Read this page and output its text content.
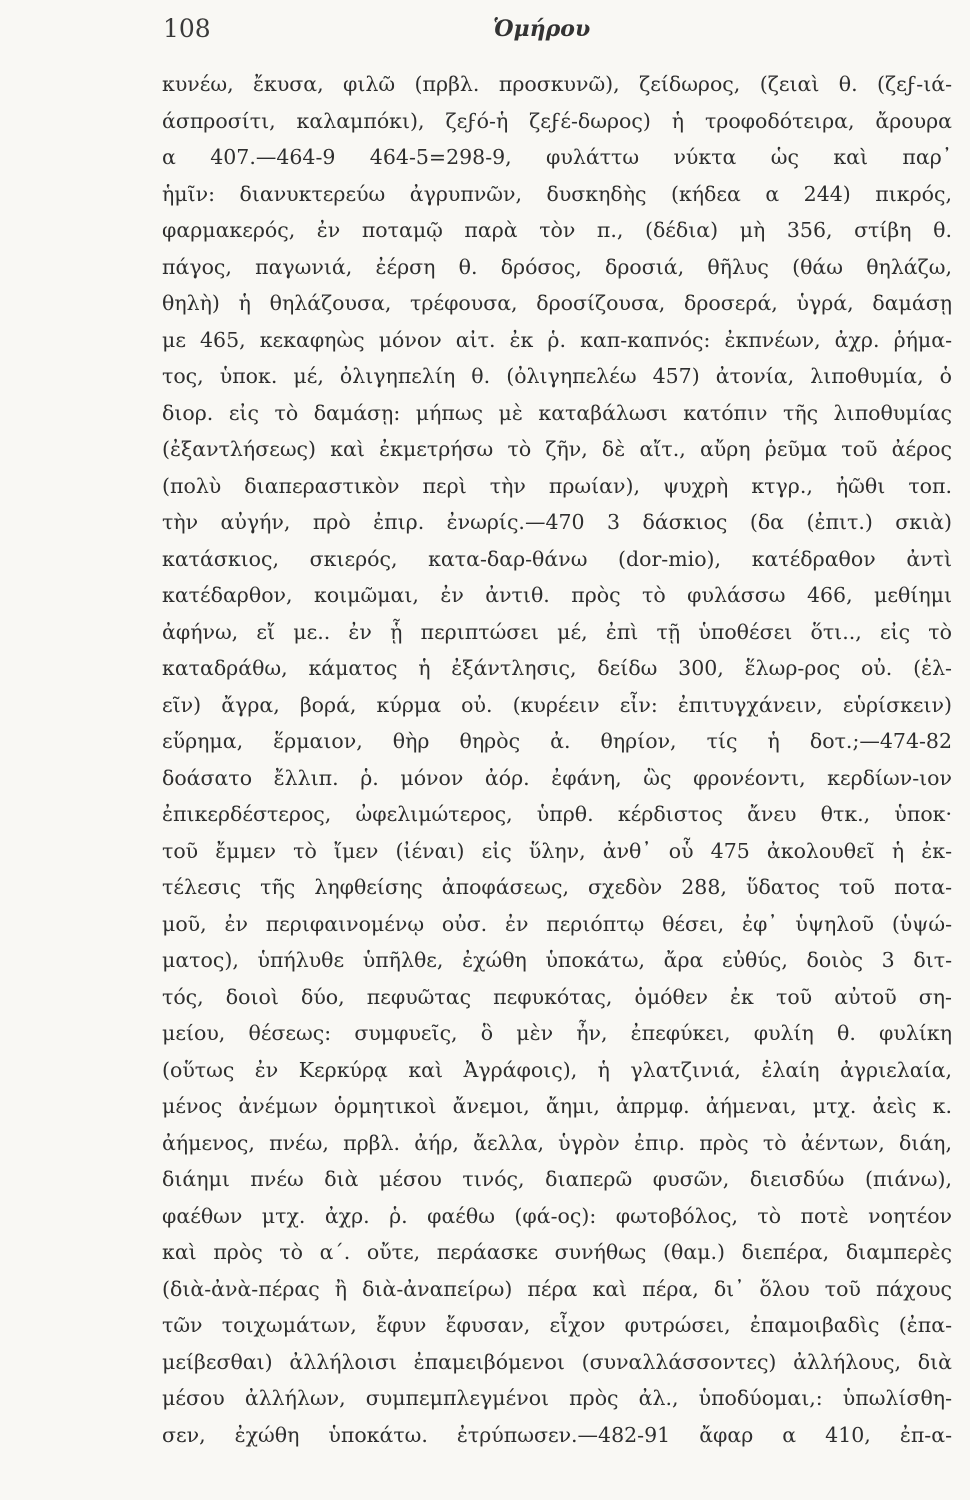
108	Ὁμήρου
κυνέω, ἔκυσα, φιλῶ (πρβλ. προσκυνῶ), ζείδωρος, (ζειαὶ θ. (ζεϝ-ιά-
άσπροσίτι, καλαμπόκι), ζεϝό-ἡ ζεϝέ-δωρος) ἡ τροφοδότειρα, ἄρουρα
α 407.—464-9 464-5=298-9, φυλάττω νύκτα ὡς καὶ παρ᾽
ἡμῖν: διανυκτερεύω ἀγρυπνῶν, δυσκηδὴς (κήδεα α 244) πικρός,
φαρμακερός, ἐν ποταμῷ παρὰ τὸν π., (δέδια) μὴ 356, στίβη θ.
πάγος, παγωνιά, ἐέρση θ. δρόσος, δροσιά, θῆλυς (θάω θηλάζω,
θηλὴ) ἡ θηλάζουσα, τρέφουσα, δροσίζουσα, δροσερά, ὑγρά, δαμάσῃ
με 465, κεκαφηὼς μόνον αἰτ. ἐκ ῥ. καπ-καπνός: ἐκπνέων, ἀχρ. ῥήμα-
τος, ὑποκ. μέ, ὀλιγηπελίη θ. (ὀλιγηπελέω 457) ἀτονία, λιποθυμία, ὁ
διορ. εἰς τὸ δαμάσῃ: μήπως μὲ καταβάλωσι κατόπιν τῆς λιποθυμίας
(ἐξαντλήσεως) καὶ ἐκμετρήσω τὸ ζῆν, δὲ αἴτ., αὔρη ῥεῦμα τοῦ ἀέρος
(πολὺ διαπεραστικὸν περὶ τὴν πρωίαν), ψυχρὴ κτγρ., ἠῶθι τοπ.
τὴν αὐγήν, πρὸ ἐπιρ. ἐνωρίς.—470 3 δάσκιος (δα (ἐπιτ.) σκιὰ)
κατάσκιος, σκιερός, κατα-δαρ-θάνω (dor-mio), κατέδραθον ἀντὶ
κατέδαρθον, κοιμῶμαι, ἐν ἀντιθ. πρὸς τὸ φυλάσσω 466, μεθίημι
ἀφήνω, εἴ με.. ἐν ᾗ περιπτώσει μέ, ἐπὶ τῇ ὑποθέσει ὅτι.., εἰς τὸ
καταδράθω, κάματος ἡ ἐξάντλησις, δείδω 300, ἕλωρ-ρος οὐ. (ἑλ-
εῖν) ἄγρα, βορά, κύρμα οὐ. (κυρέειν εἶν: ἐπιτυγχάνειν, εὑρίσκειν)
εὕρημα, ἕρμαιον, θὴρ θηρὸς ἀ. θηρίον, τίς ἡ δοτ.;—474-82
δοάσατο ἔλλιπ. ῥ. μόνον ἀόρ. ἐφάνη, ὣς φρονέοντι, κερδίων-ιον
ἐπικερδέστερος, ὠφελιμώτερος, ὑπρθ. κέρδιστος ἄνευ θτκ., ὑποκ·
τοῦ ἔμμεν τὸ ἴμεν (ἰέναι) εἰς ὕλην, ἀνθ᾽ οὗ 475 ἀκολουθεῖ ἡ ἐκ-
τέλεσις τῆς ληφθείσης ἀποφάσεως, σχεδὸν 288, ὕδατος τοῦ ποτα-
μοῦ, ἐν περιφαινομένῳ οὐσ. ἐν περιόπτῳ θέσει, ἐφ᾽ ὑψηλοῦ (ὑψώ-
ματος), ὑπήλυθε ὑπῆλθε, ἐχώθη ὑποκάτω, ἄρα εὐθύς, δοιὸς 3 διτ-
τός, δοιοὶ δύο, πεφυῶτας πεφυκότας, ὁμόθεν ἐκ τοῦ αὐτοῦ ση-
μείου, θέσεως: συμφυεῖς, ὃ μὲν ἦν, ἐπεφύκει, φυλίη θ. φυλίκη
(οὕτως ἐν Κερκύρᾳ καὶ Ἀγράφοις), ἡ γλατζινιά, ἐλαίη ἀγριελαία,
μένος ἀνέμων ὁρμητικοὶ ἄνεμοι, ἄημι, ἀπρμφ. ἀήμεναι, μτχ. ἀεὶς κ.
ἀήμενος, πνέω, πρβλ. ἀήρ, ἄελλα, ὑγρὸν ἐπιρ. πρὸς τὸ ἀέντων, διάη,
διάημι πνέω διὰ μέσου τινός, διαπερῶ φυσῶν, διεισδύω (πιάνω),
φαέθων μτχ. ἀχρ. ῥ. φαέθω (φά-ος): φωτοβόλος, τὸ ποτὲ νοητέον
καὶ πρὸς τὸ α΄. οὔτε, περάασκε συνήθως (θαμ.) διεπέρα, διαμπερὲς
(διὰ-ἀνὰ-πέρας ἢ διὰ-ἀναπείρω) πέρα καὶ πέρα, δι᾽ ὅλου τοῦ πάχους
τῶν τοιχωμάτων, ἔφυν ἔφυσαν, εἶχον φυτρώσει, ἐπαμοιβαδὶς (ἐπα-
μείβεσθαι) ἀλλήλοισι ἐπαμειβόμενοι (συναλλάσσοντες) ἀλλήλους, διὰ
μέσου ἀλλήλων, συμπεμπλεγμένοι πρὸς ἀλ., ὑποδύομαι,: ὑπωλίσθη-
σεν, ἐχώθη ὑποκάτω. ἐτρύπωσεν.—482-91 ἄφαρ α 410, ἐπ-α-
